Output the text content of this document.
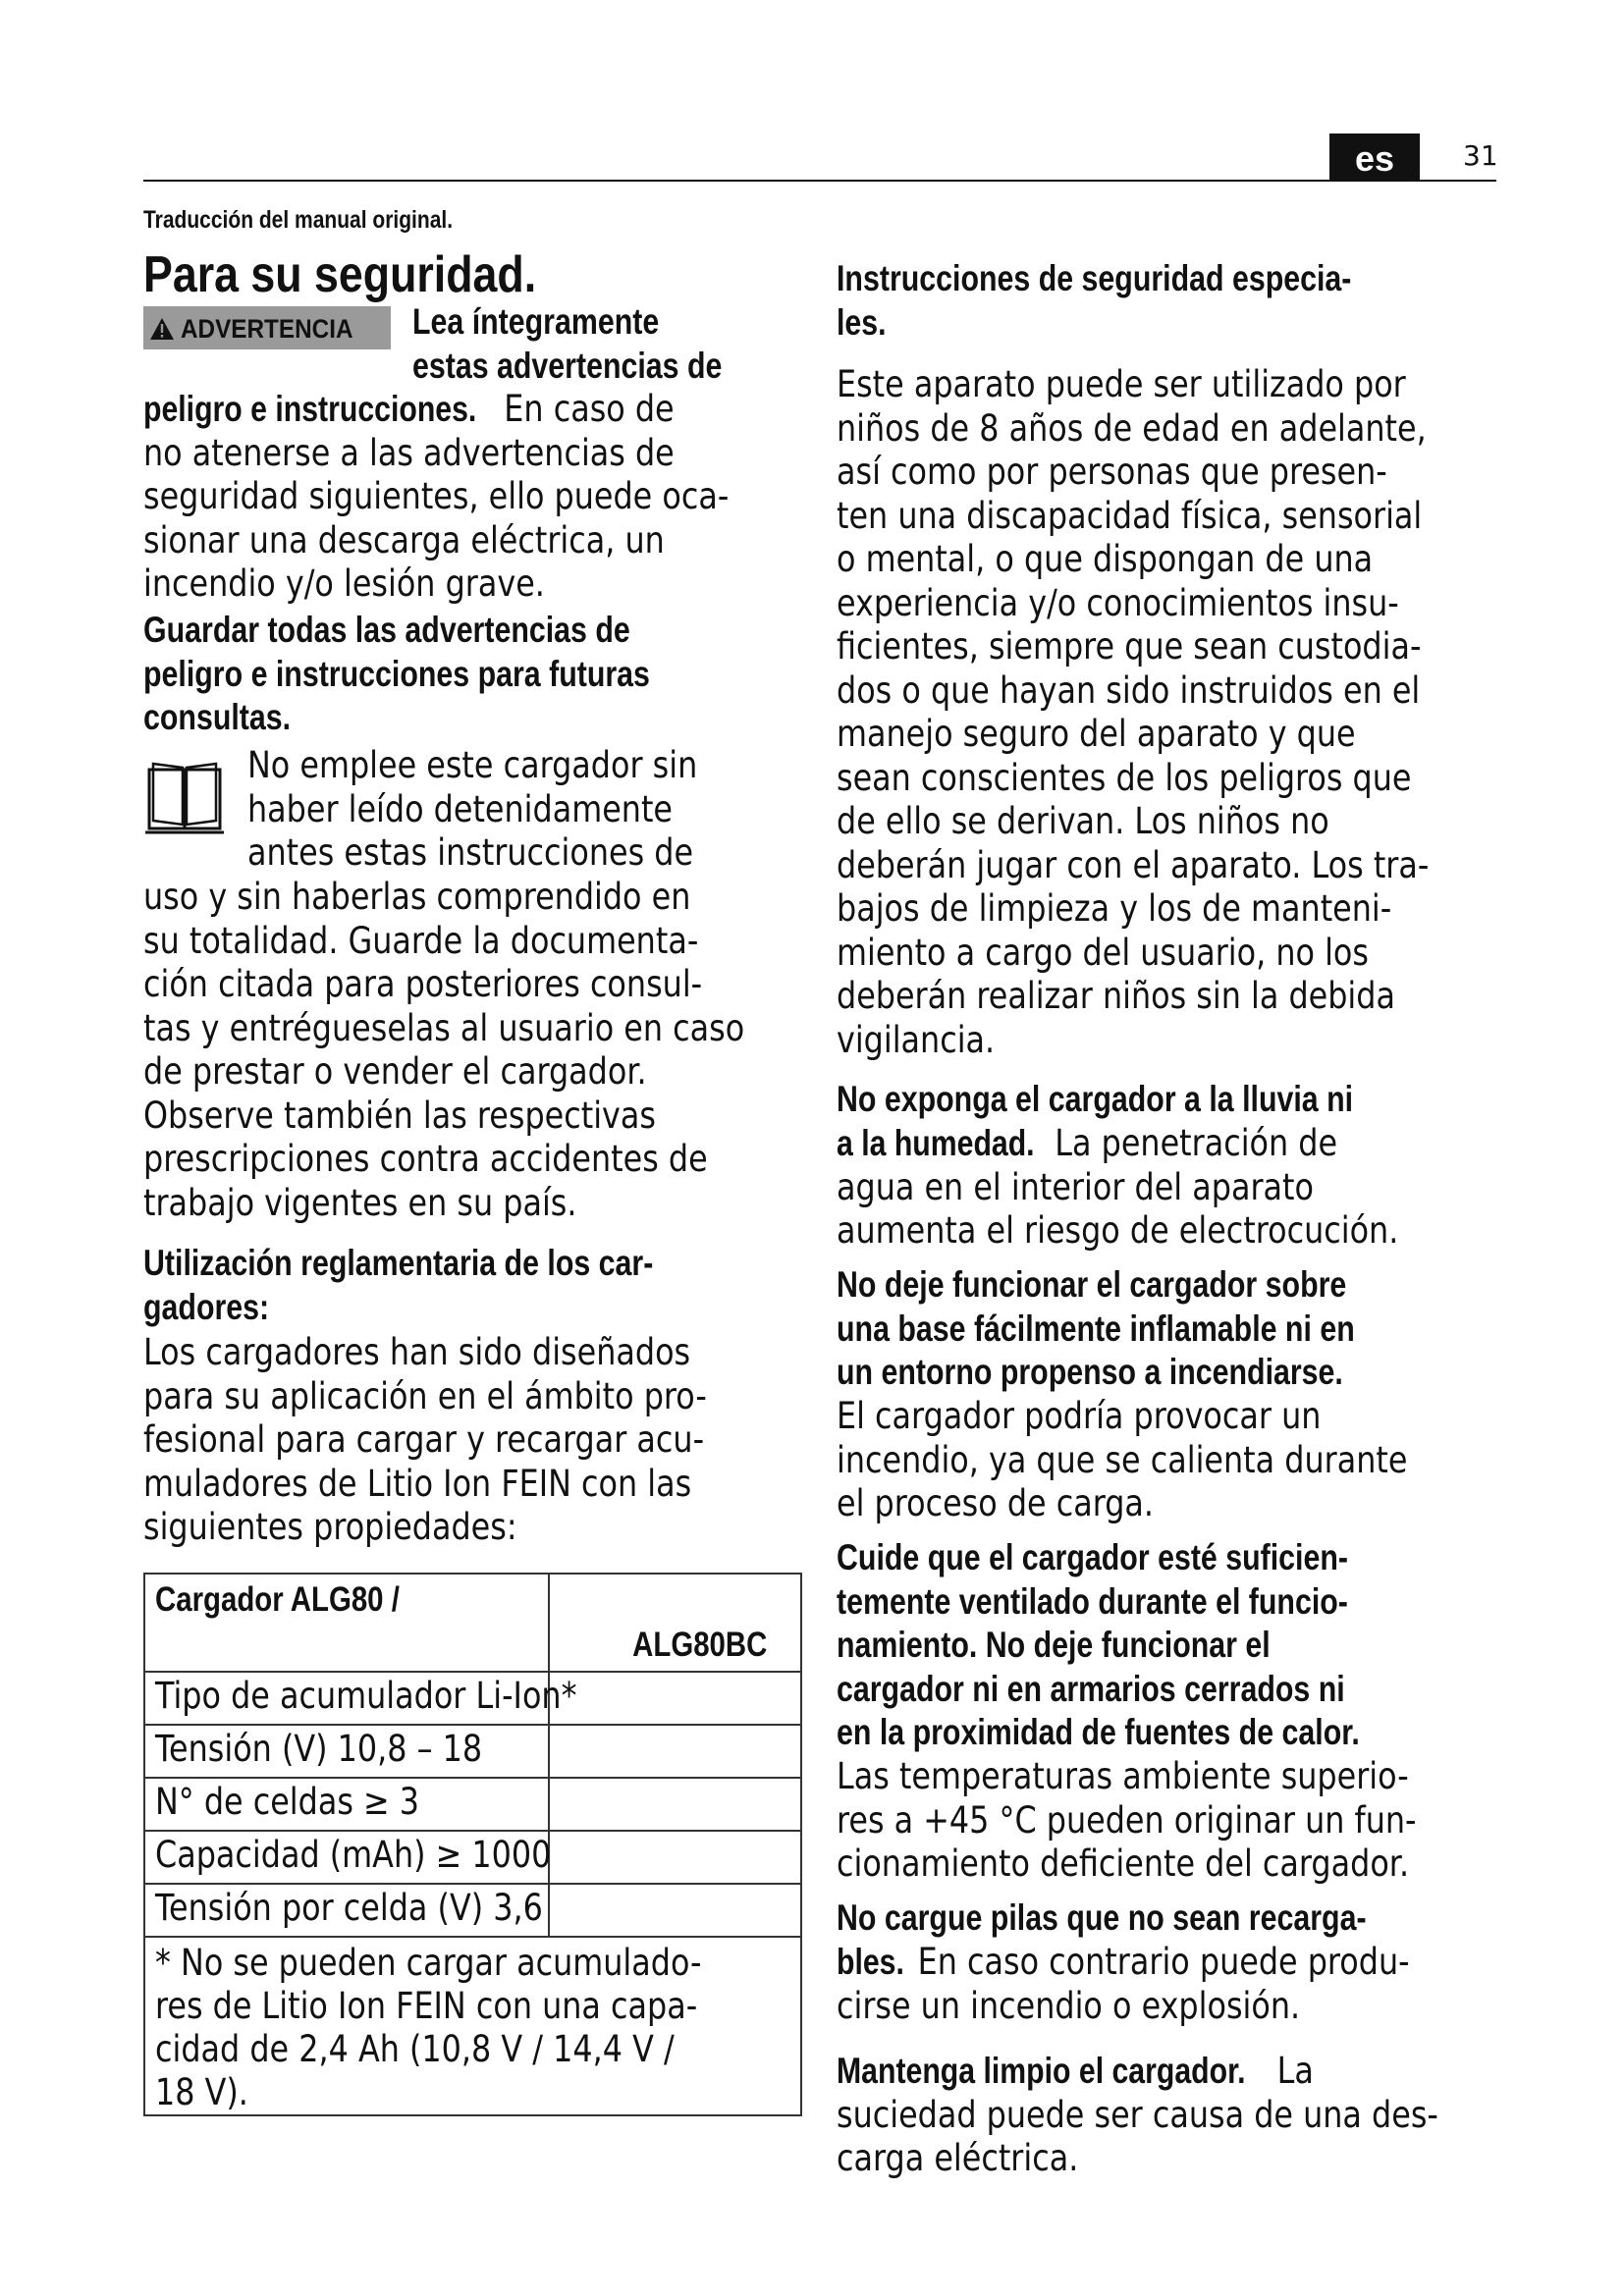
es	31
Traducción del manual original.
Para su seguridad.
ADVERTENCIA	Lea íntegramente
estas advertencias de
peligro e instrucciones. En caso de
no atenerse a las advertencias de
seguridad siguientes, ello puede oca-
sionar una descarga eléctrica, un
incendio y/o lesión grave.
Guardar todas las advertencias de
peligro e instrucciones para futuras
consultas.
No emplee este cargador sin
haber leído detenidamente
antes estas instrucciones de
uso y sin haberlas comprendido en
su totalidad. Guarde la documenta-
ción citada para posteriores consul-
tas y entrégueselas al usuario en caso
de prestar o vender el cargador.
Observe también las respectivas
prescripciones contra accidentes de
trabajo vigentes en su país.
Utilización reglamentaria de los car-
gadores:
Los cargadores han sido diseñados
para su aplicación en el ámbito pro-
fesional para cargar y recargar acu-
muladores de Litio Ion FEIN con las
siguientes propiedades:
Cargador ALG80 /	ALG80BC

Tipo de acumulador Li-Ion*	

Tensión (V) 10,8 – 18	

N° de celdas ≥ 3	

Capacidad (mAh) ≥ 1000	

Tensión por celda (V) 3,6	

* No se pueden cargar acumulado-
res de Litio Ion FEIN con una capa-
cidad de 2,4 Ah (10,8 V / 14,4 V /
18 V).	
Instrucciones de seguridad especia-
les.
Este aparato puede ser utilizado por
niños de 8 años de edad en adelante,
así como por personas que presen-
ten una discapacidad física, sensorial
o mental, o que dispongan de una
experiencia y/o conocimientos insu-
ficientes, siempre que sean custodia-
dos o que hayan sido instruidos en el
manejo seguro del aparato y que
sean conscientes de los peligros que
de ello se derivan. Los niños no
deberán jugar con el aparato. Los tra-
bajos de limpieza y los de manteni-
miento a cargo del usuario, no los
deberán realizar niños sin la debida
vigilancia.
No exponga el cargador a la lluvia ni
a la humedad. La penetración de
agua en el interior del aparato
aumenta el riesgo de electrocución.
No deje funcionar el cargador sobre
una base fácilmente inflamable ni en
un entorno propenso a incendiarse.
El cargador podría provocar un
incendio, ya que se calienta durante
el proceso de carga.
Cuide que el cargador esté suficien-
temente ventilado durante el funcio-
namiento. No deje funcionar el
cargador ni en armarios cerrados ni
en la proximidad de fuentes de calor.
Las temperaturas ambiente superio-
res a +45 °C pueden originar un fun-
cionamiento deficiente del cargador.
No cargue pilas que no sean recarga-
bles. En caso contrario puede produ-
cirse un incendio o explosión.
Mantenga limpio el cargador. La
suciedad puede ser causa de una des-
carga eléctrica.
